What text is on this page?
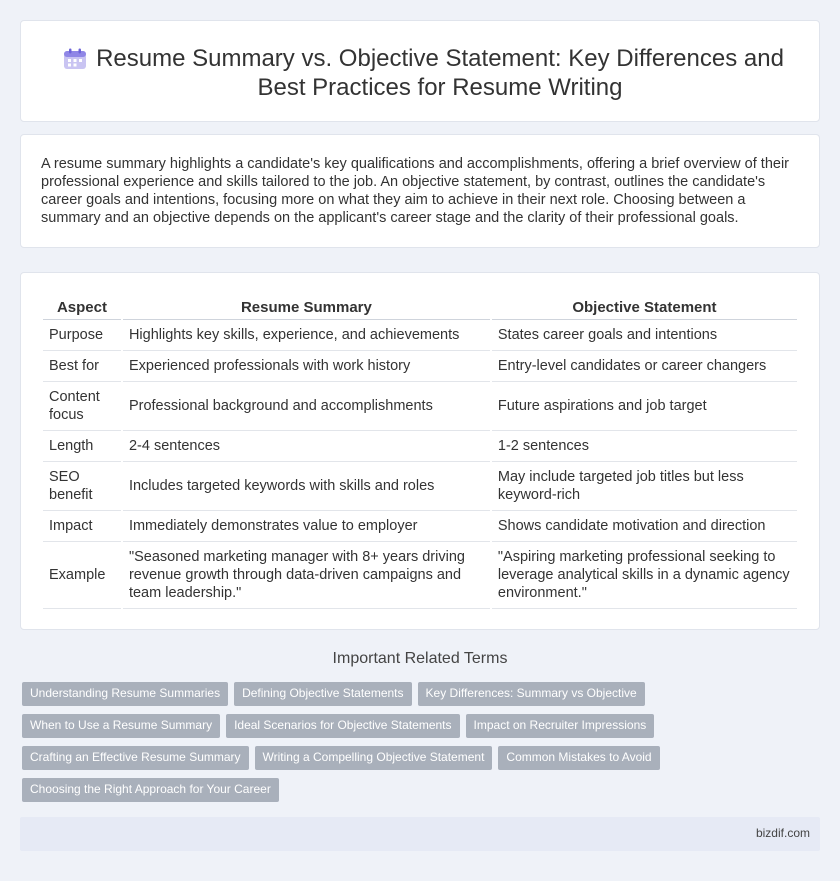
Resume Summary vs. Objective Statement: Key Differences and Best Practices for Resume Writing

A resume summary highlights a candidate's key qualifications and accomplishments, offering a brief overview of their professional experience and skills tailored to the job. An objective statement, by contrast, outlines the candidate's career goals and intentions, focusing more on what they aim to achieve in their next role. Choosing between a summary and an objective depends on the applicant's career stage and the clarity of their professional goals.

Aspect	Resume Summary	Objective Statement
Purpose	Highlights key skills, experience, and achievements	States career goals and intentions
Best for	Experienced professionals with work history	Entry-level candidates or career changers
Content focus	Professional background and accomplishments	Future aspirations and job target
Length	2-4 sentences	1-2 sentences
SEO benefit	Includes targeted keywords with skills and roles	May include targeted job titles but less keyword-rich
Impact	Immediately demonstrates value to employer	Shows candidate motivation and direction
Example	"Seasoned marketing manager with 8+ years driving revenue growth through data-driven campaigns and team leadership."	"Aspiring marketing professional seeking to leverage analytical skills in a dynamic agency environment."
Important Related Terms
Understanding Resume Summaries	Defining Objective Statements	Key Differences: Summary vs Objective
When to Use a Resume Summary	Ideal Scenarios for Objective Statements	Impact on Recruiter Impressions
Crafting an Effective Resume Summary	Writing a Compelling Objective Statement	Common Mistakes to Avoid
Choosing the Right Approach for Your Career
bizdif.com
